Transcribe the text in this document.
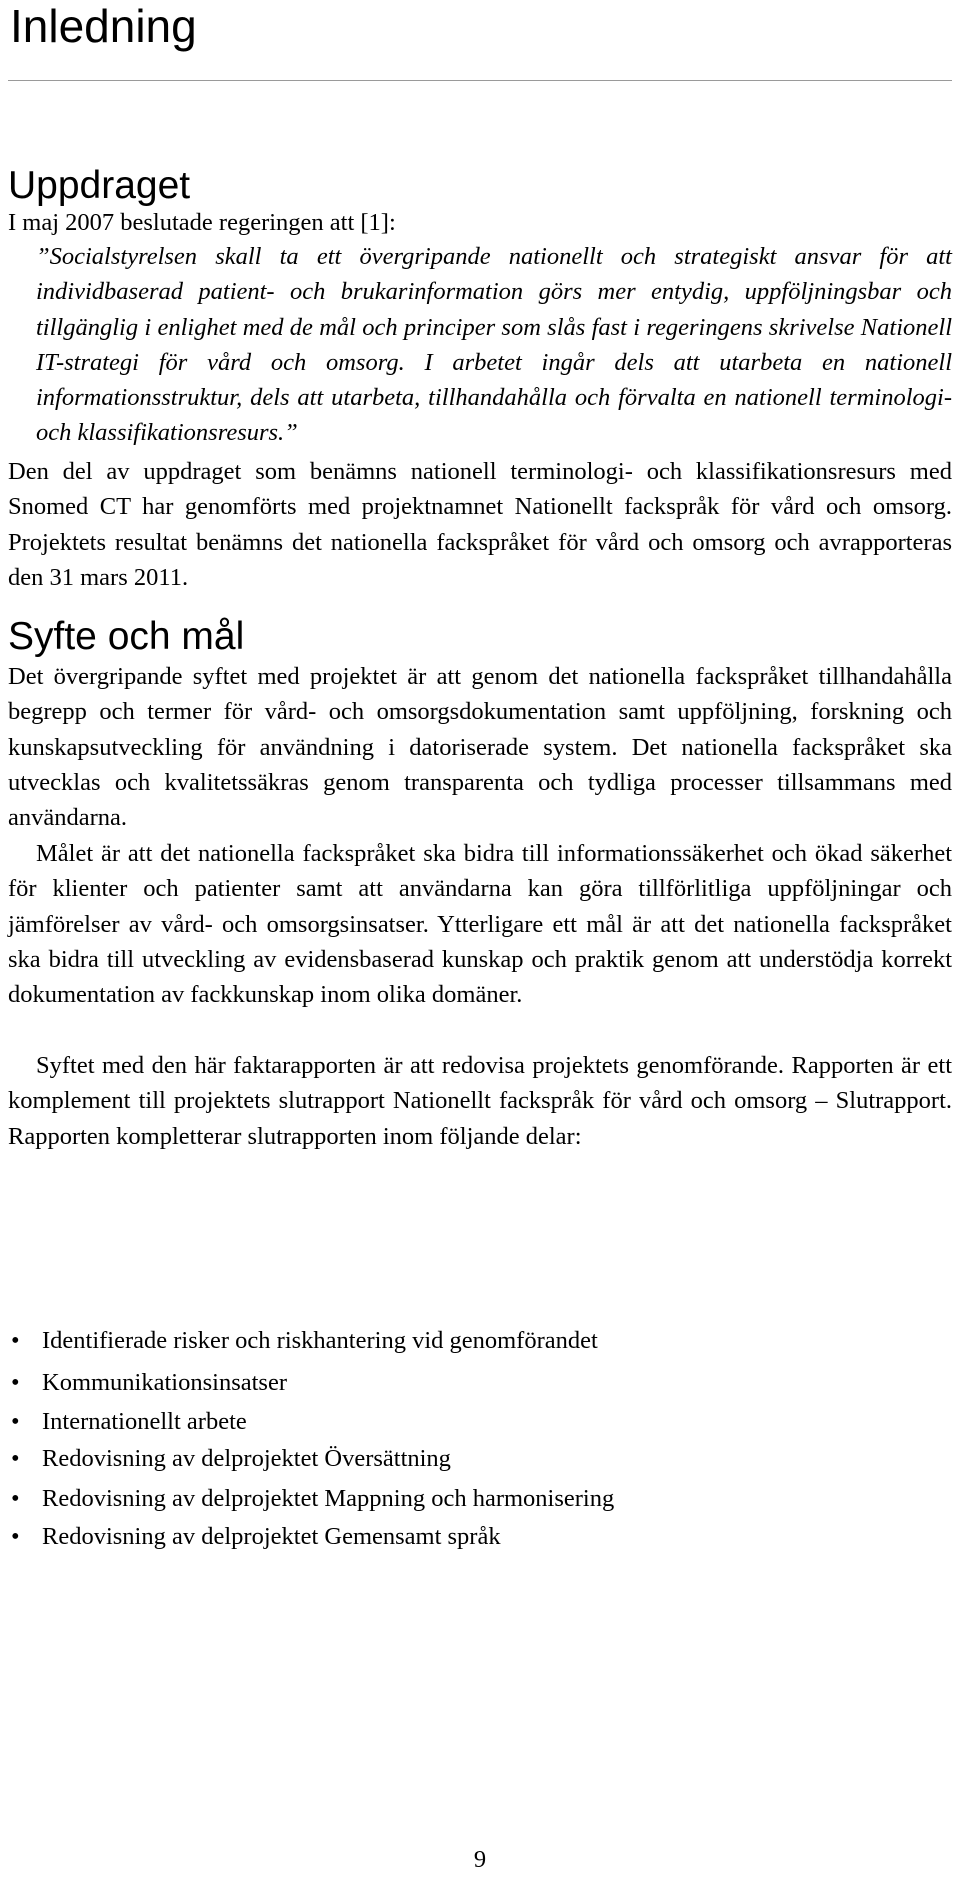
Inledning
Uppdraget

I maj 2007 beslutade regeringen att [1]:

”Socialstyrelsen skall ta ett övergripande nationellt och strategiskt ansvar för att individbaserad patient- och brukarinformation görs mer entydig, uppföljningsbar och tillgänglig i enlighet med de mål och principer som slås fast i regeringens skrivelse Nationell IT-strategi för vård och omsorg. I arbetet ingår dels att utarbeta en nationell informationsstruktur, dels att utarbeta, tillhandahålla och förvalta en nationell terminologi- och klassifikationsresurs.”

Den del av uppdraget som benämns nationell terminologi- och klassifikationsresurs med Snomed CT har genomförts med projektnamnet Nationellt fackspråk för vård och omsorg. Projektets resultat benämns det nationella fackspråket för vård och omsorg och avrapporteras den 31 mars 2011.

Syfte och mål

Det övergripande syftet med projektet är att genom det nationella fackspråket tillhandahålla begrepp och termer för vård- och omsorgsdokumentation samt uppföljning, forskning och kunskapsutveckling för användning i datoriserade system. Det nationella fackspråket ska utvecklas och kvalitetssäkras genom transparenta och tydliga processer tillsammans med användarna.

Målet är att det nationella fackspråket ska bidra till informationssäkerhet och ökad säkerhet för klienter och patienter samt att användarna kan göra tillförlitliga uppföljningar och jämförelser av vård- och omsorgsinsatser. Ytterligare ett mål är att det nationella fackspråket ska bidra till utveckling av evidensbaserad kunskap och praktik genom att understödja korrekt dokumentation av fackkunskap inom olika domäner.

Syftet med den här faktarapporten är att redovisa projektets genomförande. Rapporten är ett komplement till projektets slutrapport Nationellt fackspråk för vård och omsorg – Slutrapport. Rapporten kompletterar slutrapporten inom följande delar:

• Identifierade risker och riskhantering vid genomförandet
• Kommunikationsinsatser
• Internationellt arbete
• Redovisning av delprojektet Översättning
• Redovisning av delprojektet Mappning och harmonisering
• Redovisning av delprojektet Gemensamt språk
9
